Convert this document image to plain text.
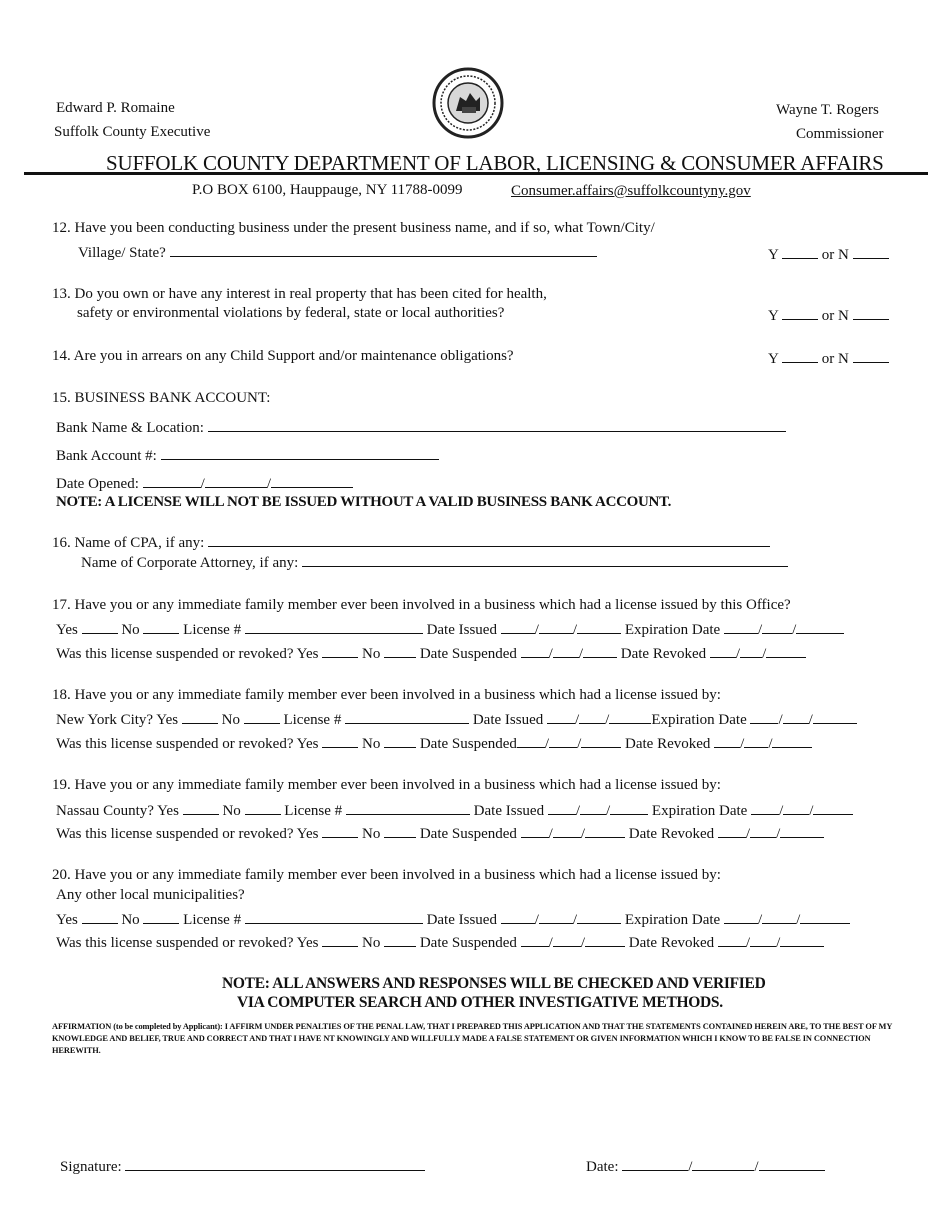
Edward P. Romaine
Suffolk County Executive
Wayne T. Rogers
Commissioner
SUFFOLK COUNTY DEPARTMENT OF LABOR, LICENSING & CONSUMER AFFAIRS
P.O BOX 6100, Hauppauge, NY 11788-0099	Consumer.affairs@suffolkcountyny.gov
12. Have you been conducting business under the present business name, and if so, what Town/City/
Village/ State?	Y	or N
13. Do you own or have any interest in real property that has been cited for health,
safety or environmental violations by federal, state or local authorities?	Y	or N
14. Are you in arrears on any Child Support and/or maintenance obligations?	Y	or N
15. BUSINESS BANK ACCOUNT:
Bank Name & Location:
Bank Account #:
Date Opened:	/	/
NOTE: A LICENSE WILL NOT BE ISSUED WITHOUT A VALID BUSINESS BANK ACCOUNT.
16. Name of CPA, if any:
Name of Corporate Attorney, if any:
17. Have you or any immediate family member ever been involved in a business which had a license issued by this Office?
Yes	No	License #	Date Issued	/ /	Expiration Date	/ /
Was this license suspended or revoked? Yes	No	Date Suspended / /	Date Revoked / /
18. Have you or any immediate family member ever been involved in a business which had a license issued by:
New York City? Yes	No	License #	Date Issued / /	Expiration Date / /
Was this license suspended or revoked? Yes	No	Date Suspended / /	Date Revoked / /
19. Have you or any immediate family member ever been involved in a business which had a license issued by:
Nassau County? Yes	No	License #	Date Issued / /	Expiration Date / /
Was this license suspended or revoked? Yes	No	Date Suspended / /	Date Revoked / /
20. Have you or any immediate family member ever been involved in a business which had a license issued by:
Any other local municipalities?
Yes	No	License #	Date Issued	/ /	Expiration Date	/ /
Was this license suspended or revoked? Yes	No	Date Suspended / /	Date Revoked / /
NOTE: ALL ANSWERS AND RESPONSES WILL BE CHECKED AND VERIFIED
VIA COMPUTER SEARCH AND OTHER INVESTIGATIVE METHODS.
AFFIRMATION (to be completed by Applicant): I AFFIRM UNDER PENALTIES OF THE PENAL LAW, THAT I PREPARED THIS APPLICATION AND THAT THE STATEMENTS CONTAINED HEREIN ARE, TO THE BEST OF MY KNOWLEDGE AND BELIEF, TRUE AND CORRECT AND THAT I HAVE NT KNOWINGLY AND WILLFULLY MADE A FALSE STATEMENT OR GIVEN INFORMATION WHICH I KNOW TO BE FALSE IN CONNECTION HEREWITH.
Signature:	Date:	/	/
